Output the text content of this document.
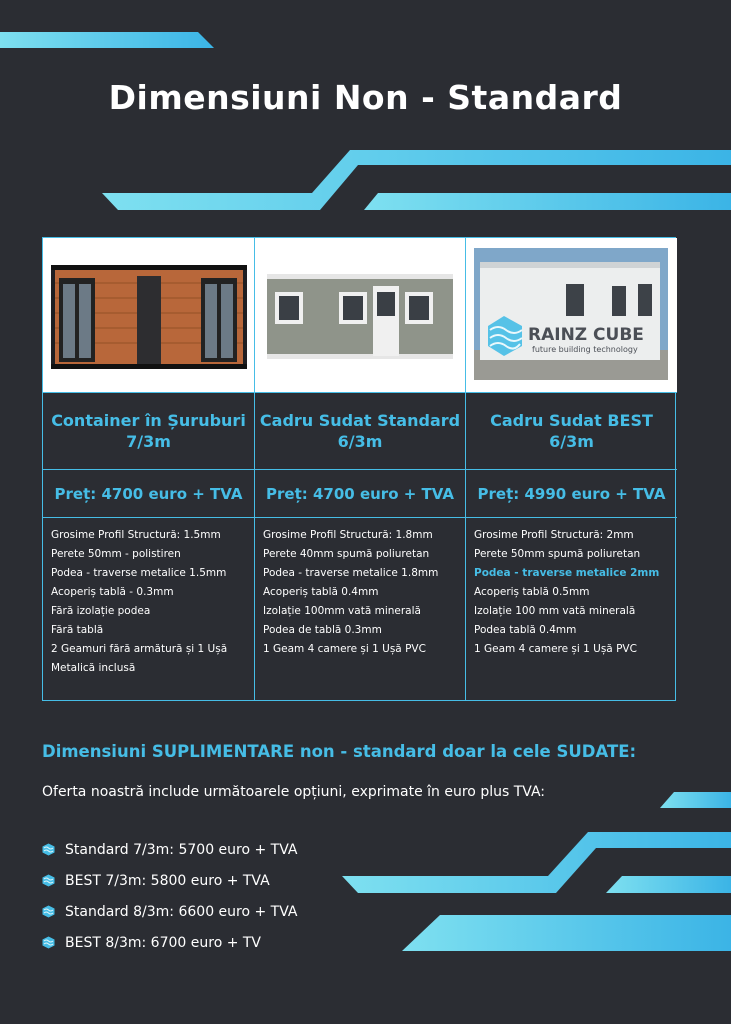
Dimensiuni Non - Standard
Container în Șuruburi 7/3m
Preț: 4700 euro + TVA
Grosime Profil Structură: 1.5mm
Perete 50mm - polistiren
Podea - traverse metalice 1.5mm
Acoperiș tablă - 0.3mm
Fără izolație podea
Fără tablă
2 Geamuri fără armătură și 1 Ușă
Metalică inclusă
Cadru Sudat Standard 6/3m
Preț: 4700 euro + TVA
Grosime Profil Structură: 1.8mm
Perete 40mm spumă poliuretan
Podea - traverse metalice 1.8mm
Acoperiș tablă 0.4mm
Izolație 100mm vată minerală
Podea de tablă 0.3mm
1 Geam 4 camere și 1 Ușă PVC
RAINZ CUBE
future building technology
Cadru Sudat BEST 6/3m
Preț: 4990 euro + TVA
Grosime Profil Structură: 2mm
Perete 50mm spumă poliuretan
Podea - traverse metalice 2mm
Acoperiș tablă 0.5mm
Izolație 100 mm vată minerală
Podea tablă 0.4mm
1 Geam 4 camere și 1 Ușă PVC
Dimensiuni SUPLIMENTARE non - standard doar la cele SUDATE:
Oferta noastră include următoarele opțiuni, exprimate în euro plus TVA:
Standard 7/3m: 5700 euro + TVA
BEST 7/3m: 5800 euro + TVA
Standard 8/3m: 6600 euro + TVA
BEST 8/3m: 6700 euro + TV
